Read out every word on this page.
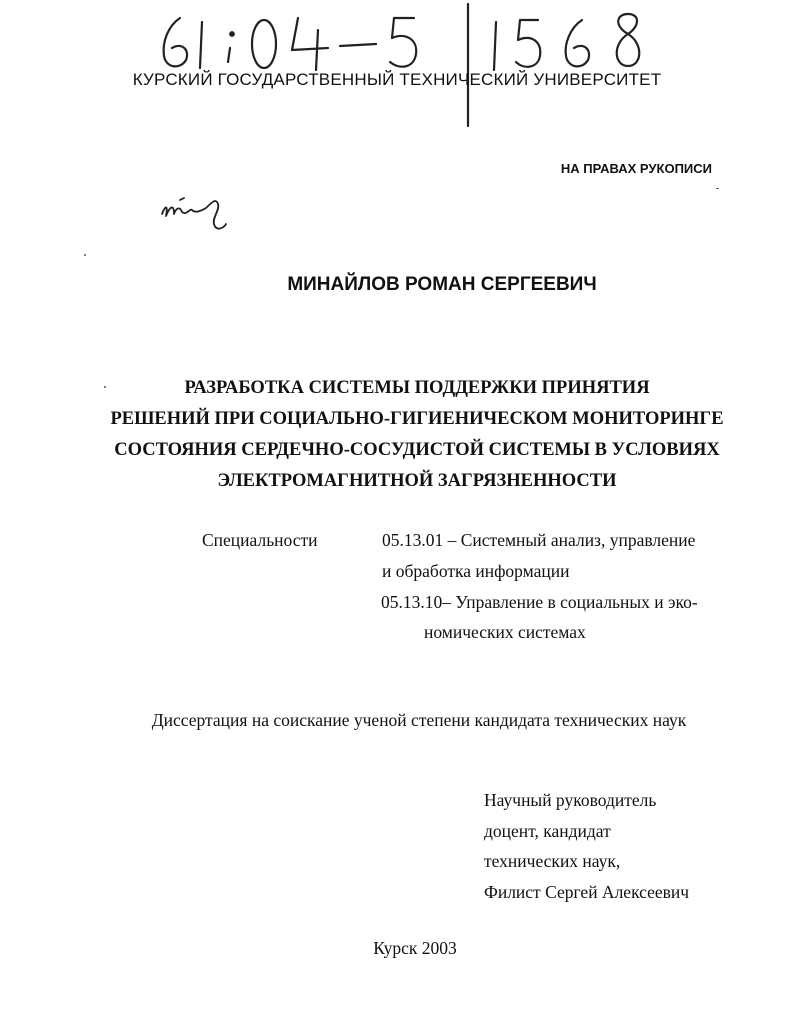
КУРСКИЙ ГОСУДАРСТВЕННЫЙ ТЕХНИЧЕСКИЙ УНИВЕРСИТЕТ
НА ПРАВАХ РУКОПИСИ
МИНАЙЛОВ РОМАН СЕРГЕЕВИЧ
РАЗРАБОТКА СИСТЕМЫ ПОДДЕРЖКИ ПРИНЯТИЯ
РЕШЕНИЙ ПРИ СОЦИАЛЬНО-ГИГИЕНИЧЕСКОМ МОНИТОРИНГЕ
СОСТОЯНИЯ СЕРДЕЧНО-СОСУДИСТОЙ СИСТЕМЫ В УСЛОВИЯХ
ЭЛЕКТРОМАГНИТНОЙ ЗАГРЯЗНЕННОСТИ
Специальности	05.13.01 – Системный анализ, управление
и обработка информации
05.13.10– Управление в социальных и эко-
номических системах
Диссертация на соискание ученой степени кандидата технических наук
Научный руководитель
доцент, кандидат
технических наук,
Филист Сергей Алексеевич
Курск 2003
